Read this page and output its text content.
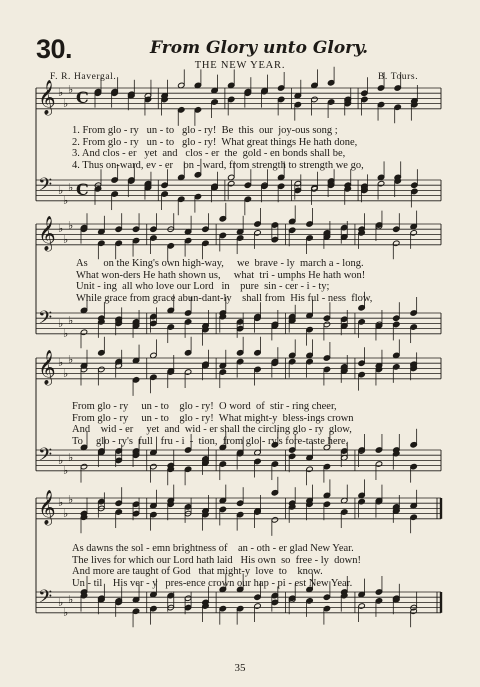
30.	From Glory unto Glory.
THE NEW YEAR.
F. R. Havergal.	B. Tours.
𝄞 ♭
♭
♭ C
𝄢 ♭
♭
♭ C
𝄞 ♭
♭
♭
𝄢 ♭
♭
♭
𝄞 ♭
♭
♭
𝄢 ♭
♭
♭
𝄞 ♭
♭
♭
𝄢 ♭
♭
♭
1. From glo - ry   un - to   glo - ry!  Be  this  our  joy-ous song ;
2. From glo - ry   un - to   glo - ry!  What great things He hath done,
3. And clos - er   yet  and   clos - er  the  gold - en bonds shall be,
4. Thus on-ward, ev - er    on - ward, from strength to strength we go,
As      on the King's own high-way,     we  brave - ly  march a - long.
What won-ders He hath shown us,     what  tri - umphs He hath won!
Unit - ing  all who love our Lord   in    pure  sin - cer - i - ty;
While grace from grace abun-dant-ly    shall from  His ful - ness  flow,
From glo - ry     un - to    glo - ry!  O word  of  stir - ring cheer,
From glo - ry     un - to    glo - ry!  What might-y  bless-ings crown
And    wid - er     yet  and  wid - er shall the circling glo - ry  glow,
To     glo - ry's  full   fru - i  -  tion,  from glo - ry's fore-taste here,
As dawns the sol - emn brightness of    an - oth - er glad New Year.
The lives for which our Lord hath laid   His own  so  free - ly  down!
And more are taught of God   that might-y  love  to    know.
Un - til    His ver - y   pres-ence crown our hap - pi - est New Year.
35
